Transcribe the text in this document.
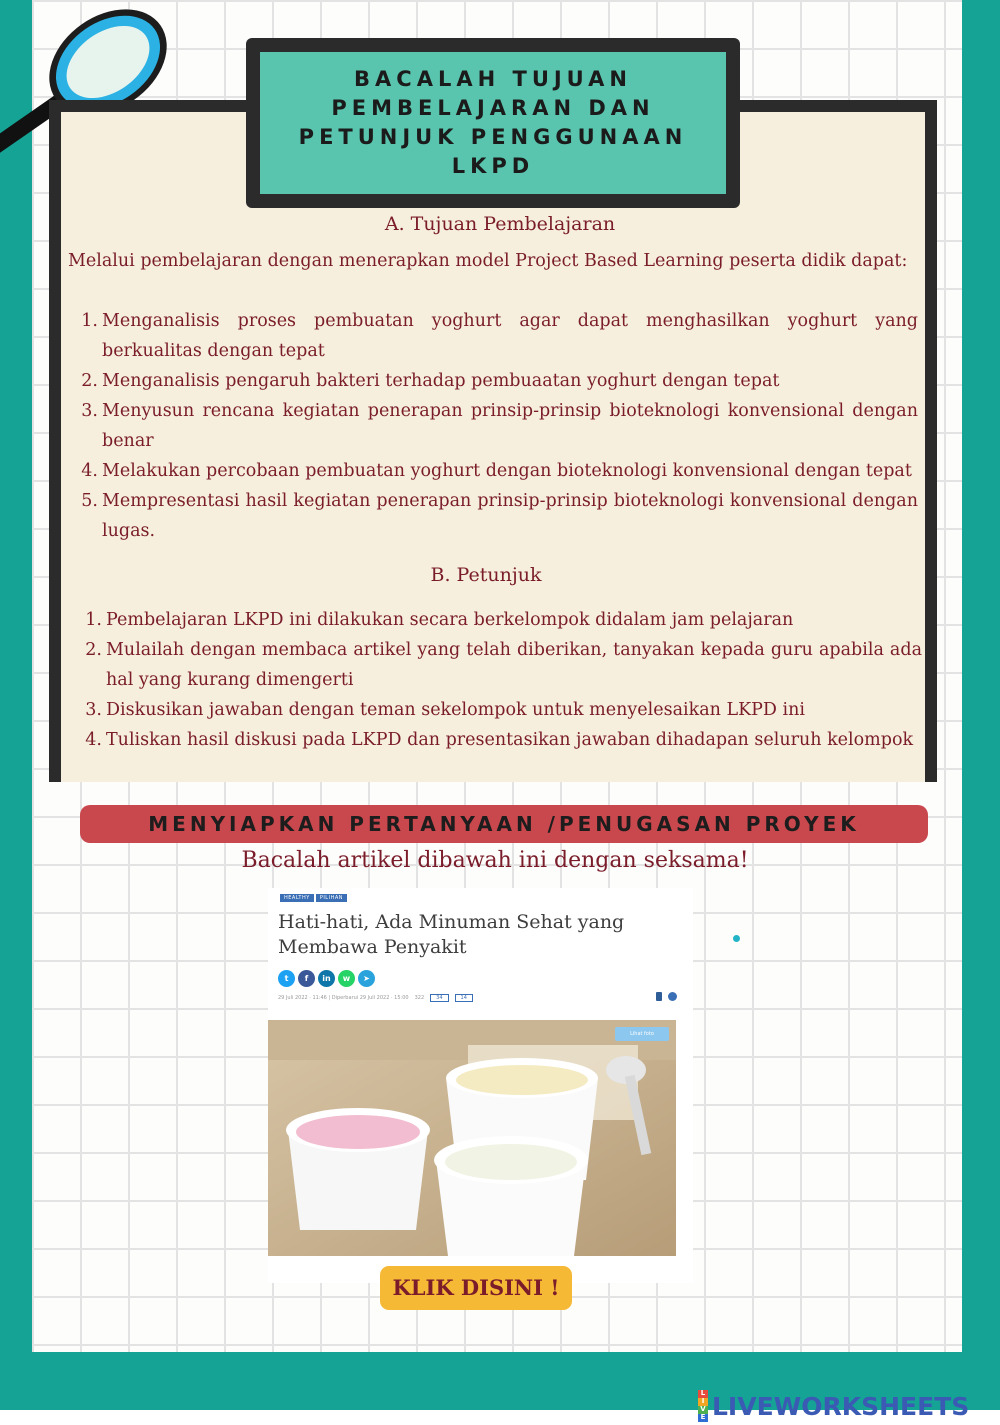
BACALAH TUJUAN
PEMBELAJARAN DAN
PETUNJUK PENGGUNAAN
LKPD
A. Tujuan Pembelajaran
Melalui pembelajaran dengan menerapkan model Project Based Learning peserta didik dapat:
1. Menganalisis proses pembuatan yoghurt agar dapat menghasilkan yoghurt yang berkualitas dengan tepat
2. Menganalisis pengaruh bakteri terhadap pembuaatan yoghurt dengan tepat
3. Menyusun rencana kegiatan penerapan prinsip-prinsip bioteknologi konvensional dengan benar
4. Melakukan percobaan pembuatan yoghurt dengan bioteknologi konvensional dengan tepat
5. Mempresentasi hasil kegiatan penerapan prinsip-prinsip bioteknologi konvensional dengan lugas.
B. Petunjuk
1. Pembelajaran LKPD ini dilakukan secara berkelompok didalam jam pelajaran
2. Mulailah dengan membaca artikel yang telah diberikan, tanyakan kepada guru apabila ada hal yang kurang dimengerti
3. Diskusikan jawaban dengan teman sekelompok untuk menyelesaikan LKPD ini
4. Tuliskan hasil diskusi pada LKPD dan presentasikan jawaban dihadapan seluruh kelompok
MENYIAPKAN PERTANYAAN /PENUGASAN PROYEK
Bacalah artikel dibawah ini dengan seksama!
HEALTHY	PILIHAN
Hati-hati, Ada Minuman Sehat yang Membawa Penyakit
t	f	in	w	➤
29 Juli 2022 · 11:46 | Diperbarui 29 Juli 2022 · 15:00 322	34	14
Lihat foto
KLIK DISINI !
L
I
V
E LIVEWORKSHEETS
